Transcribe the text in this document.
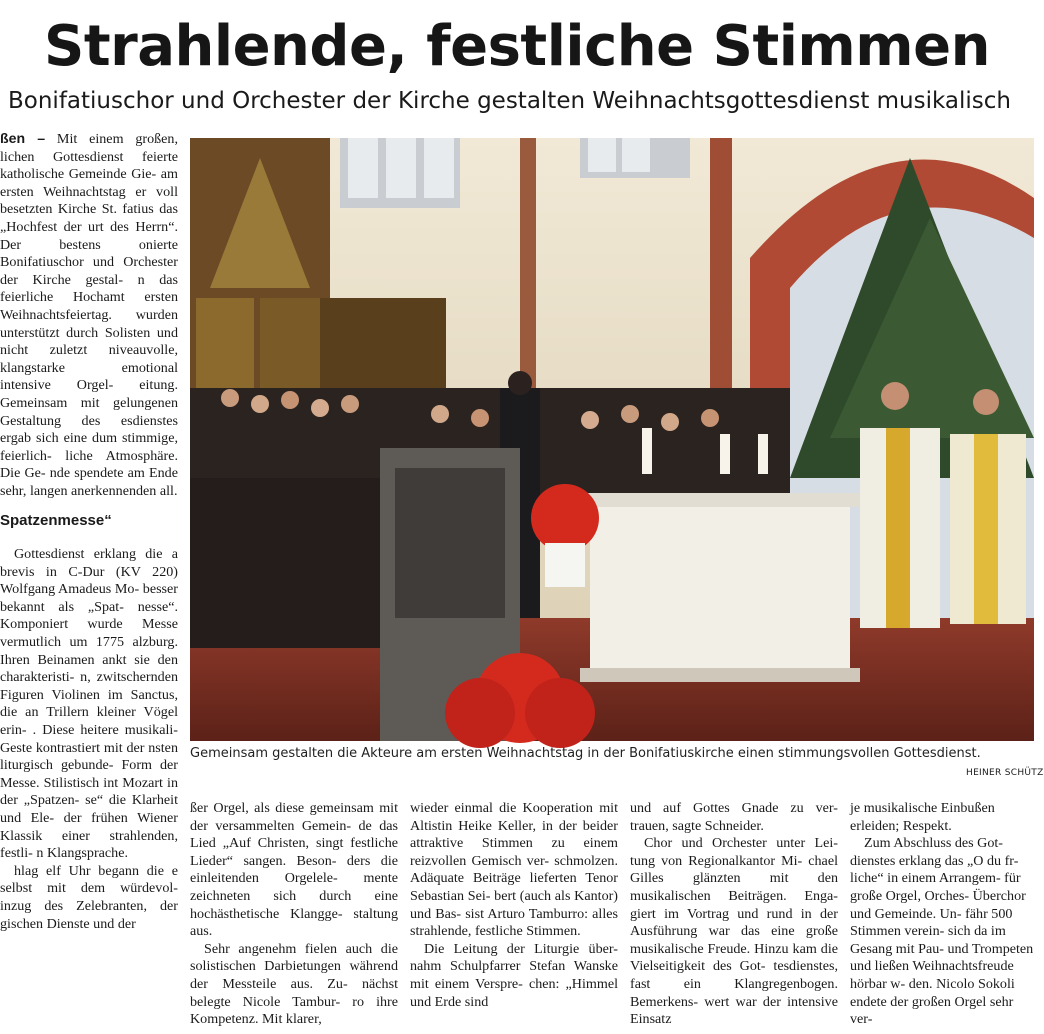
Strahlende, festliche Stimmen
Bonifatiuschor und Orchester der Kirche gestalten Weihnachtsgottesdienst musikalisch

ßen – Mit einem großen, lichen Gottesdienst feierte katholische Gemeinde Gie- am ersten Weihnachtstag er voll besetzten Kirche St. fatius das „Hochfest der urt des Herrn“. Der bestens onierte Bonifatiuschor und Orchester der Kirche gestal- n das feierliche Hochamt ersten Weihnachtsfeiertag. wurden unterstützt durch Solisten und nicht zuletzt niveauvolle, klangstarke emotional intensive Orgel- eitung. Gemeinsam mit gelungenen Gestaltung des esdienstes ergab sich eine dum stimmige, feierlich- liche Atmosphäre. Die Ge- nde spendete am Ende sehr, langen anerkennenden all.

Spatzenmesse“

Gottesdienst erklang die a brevis in C-Dur (KV 220) Wolfgang Amadeus Mo- besser bekannt als „Spat- nesse“. Komponiert wurde Messe vermutlich um 1775 alzburg. Ihren Beinamen ankt sie den charakteristi- n, zwitschernden Figuren Violinen im Sanctus, die an Trillern kleiner Vögel erin- . Diese heitere musikali- Geste kontrastiert mit der nsten liturgisch gebunde- Form der Messe. Stilistisch int Mozart in der „Spatzen- se“ die Klarheit und Ele- der frühen Wiener Klassik einer strahlenden, festli- n Klangsprache.

hlag elf Uhr begann die e selbst mit dem würdevol- inzug des Zelebranten, der gischen Dienste und der

Gemeinsam gestalten die Akteure am ersten Weihnachtstag in der Bonifatiuskirche einen stimmungsvollen Gottesdienst.
HEINER SCHÜTZ

ßer Orgel, als diese gemeinsam mit der versammelten Gemein- de das Lied „Auf Christen, singt festliche Lieder“ sangen. Beson- ders die einleitenden Orgelele- mente zeichneten sich durch eine hochästhetische Klangge- staltung aus.

Sehr angenehm fielen auch die solistischen Darbietungen während der Messteile aus. Zu- nächst belegte Nicole Tambur- ro ihre Kompetenz. Mit klarer,

wieder einmal die Kooperation mit Altistin Heike Keller, in der beider attraktive Stimmen zu einem reizvollen Gemisch ver- schmolzen. Adäquate Beiträge lieferten Tenor Sebastian Sei- bert (auch als Kantor) und Bas- sist Arturo Tamburro: alles strahlende, festliche Stimmen.

Die Leitung der Liturgie über- nahm Schulpfarrer Stefan Wanske mit einem Verspre- chen: „Himmel und Erde sind

und auf Gottes Gnade zu ver- trauen, sagte Schneider.

Chor und Orchester unter Lei- tung von Regionalkantor Mi- chael Gilles glänzten mit den musikalischen Beiträgen. Enga- giert im Vortrag und rund in der Ausführung war das eine große musikalische Freude. Hinzu kam die Vielseitigkeit des Got- tesdienstes, fast ein Klangregenbogen. Bemerkens- wert war der intensive Einsatz

je musikalische Einbußen erleiden; Respekt.

Zum Abschluss des Got- dienstes erklang das „O du fr- liche“ in einem Arrangem- für große Orgel, Orches- Überchor und Gemeinde. Un- fähr 500 Stimmen verein- sich da im Gesang mit Pau- und Trompeten und ließen Weihnachtsfreude hörbar w- den. Nicolo Sokoli endete der großen Orgel sehr ver-
